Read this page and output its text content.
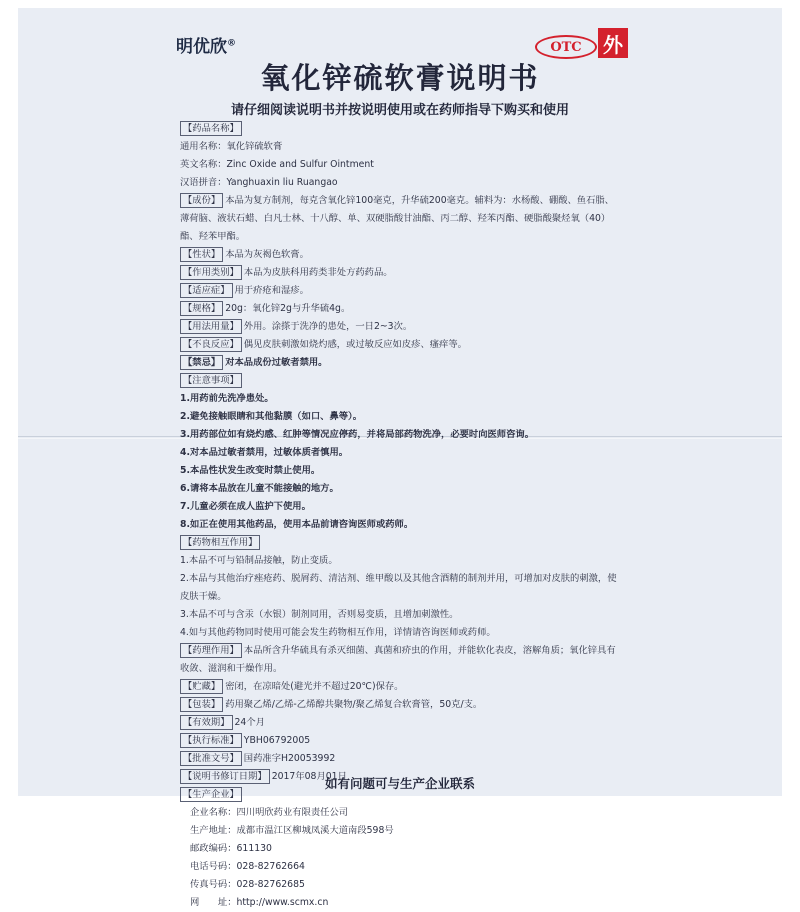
明优欣®	OTC	外
氧化锌硫软膏说明书
请仔细阅读说明书并按说明使用或在药师指导下购买和使用
【药品名称】
通用名称：氧化锌硫软膏
英文名称：Zinc Oxide and Sulfur Ointment
汉语拼音：Yanghuaxin liu Ruangao
【成份】 本品为复方制剂，每克含氧化锌100毫克，升华硫200毫克。辅料为：水杨酸、硼酸、鱼石脂、薄荷脑、液状石蜡、白凡士林、十八醇、单、双硬脂酸甘油酯、丙二醇、羟苯丙酯、硬脂酸聚烃氧（40）酯、羟苯甲酯。
【性状】 本品为灰褐色软膏。
【作用类别】 本品为皮肤科用药类非处方药药品。
【适应症】 用于疥疮和湿疹。
【规格】 20g：氧化锌2g与升华硫4g。
【用法用量】 外用。涂搽于洗净的患处，一日2~3次。
【不良反应】 偶见皮肤刺激如烧灼感，或过敏反应如皮疹、瘙痒等。
【禁忌】 对本品成份过敏者禁用。
【注意事项】
1.用药前先洗净患处。
2.避免接触眼睛和其他黏膜（如口、鼻等）。
3.用药部位如有烧灼感、红肿等情况应停药，并将局部药物洗净，必要时向医师咨询。
4.对本品过敏者禁用，过敏体质者慎用。
5.本品性状发生改变时禁止使用。
6.请将本品放在儿童不能接触的地方。
7.儿童必须在成人监护下使用。
8.如正在使用其他药品，使用本品前请咨询医师或药师。
【药物相互作用】
1.本品不可与铅制品接触，防止变质。
2.本品与其他治疗痤疮药、脱屑药、清洁剂、维甲酸以及其他含酒精的制剂并用，可增加对皮肤的刺激，使皮肤干燥。
3.本品不可与含汞（水银）制剂同用，否则易变质，且增加刺激性。
4.如与其他药物同时使用可能会发生药物相互作用，详情请咨询医师或药师。
【药理作用】 本品所含升华硫具有杀灭细菌、真菌和疥虫的作用，并能软化表皮，溶解角质；氧化锌具有收敛、滋润和干燥作用。
【贮藏】 密闭，在凉暗处(避光并不超过20℃)保存。
【包装】 药用聚乙烯/乙烯-乙烯醇共聚物/聚乙烯复合软膏管，50克/支。
【有效期】 24个月
【执行标准】 YBH06792005
【批准文号】 国药准字H20053992
【说明书修订日期】 2017年08月01日
【生产企业】
企业名称：四川明欣药业有限责任公司
生产地址：成都市温江区柳城凤溪大道南段598号
邮政编码：611130
电话号码：028-82762664
传真号码：028-82762685
网　　址：http://www.scmx.cn
如有问题可与生产企业联系
